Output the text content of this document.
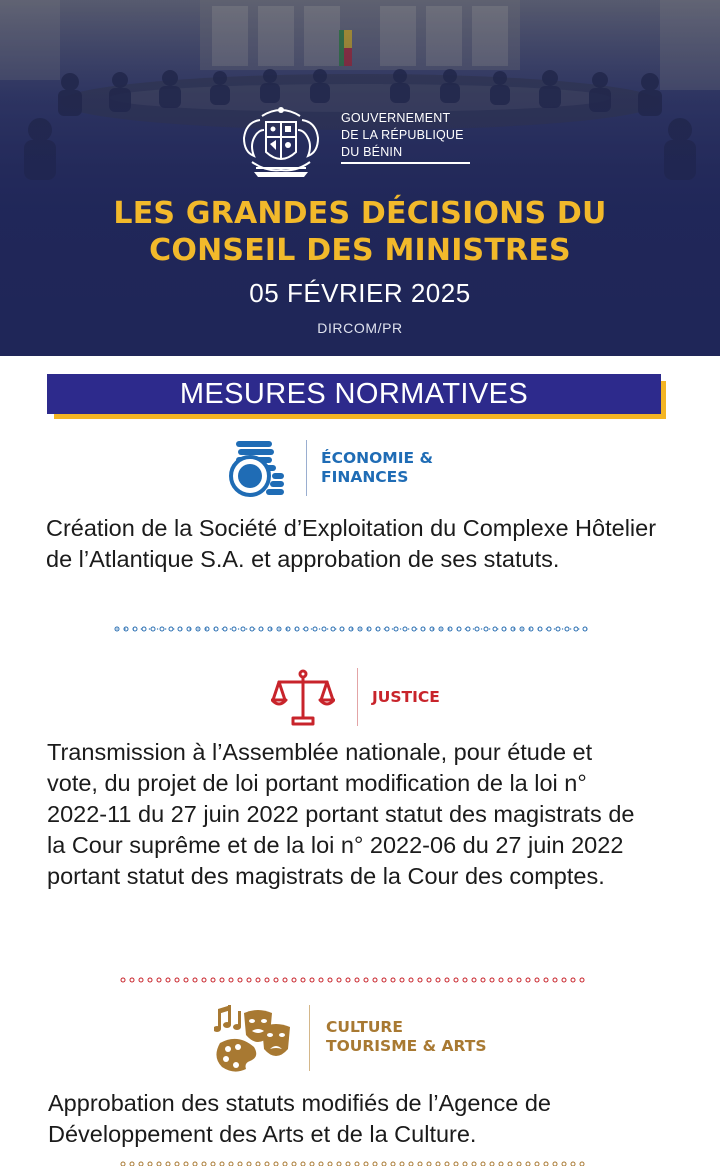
GOUVERNEMENT
DE LA RÉPUBLIQUE
DU BÉNIN
LES GRANDES DÉCISIONS DU
CONSEIL DES MINISTRES
05 FÉVRIER 2025
DIRCOM/PR
MESURES NORMATIVES
ÉCONOMIE &
FINANCES

Création de la Société d’Exploitation du Complexe Hôtelier de l’Atlantique S.A. et approbation de ses statuts.

JUSTICE

Transmission à l’Assemblée nationale, pour étude et vote, du projet de loi portant modification de la loi n° 2022-11 du 27 juin 2022 portant statut des magistrats de la Cour suprême et de la loi n° 2022-06 du 27 juin 2022 portant statut des magistrats de la Cour des comptes.

CULTURE
TOURISME & ARTS

Approbation des statuts modifiés de l’Agence de Développement des Arts et de la Culture.
